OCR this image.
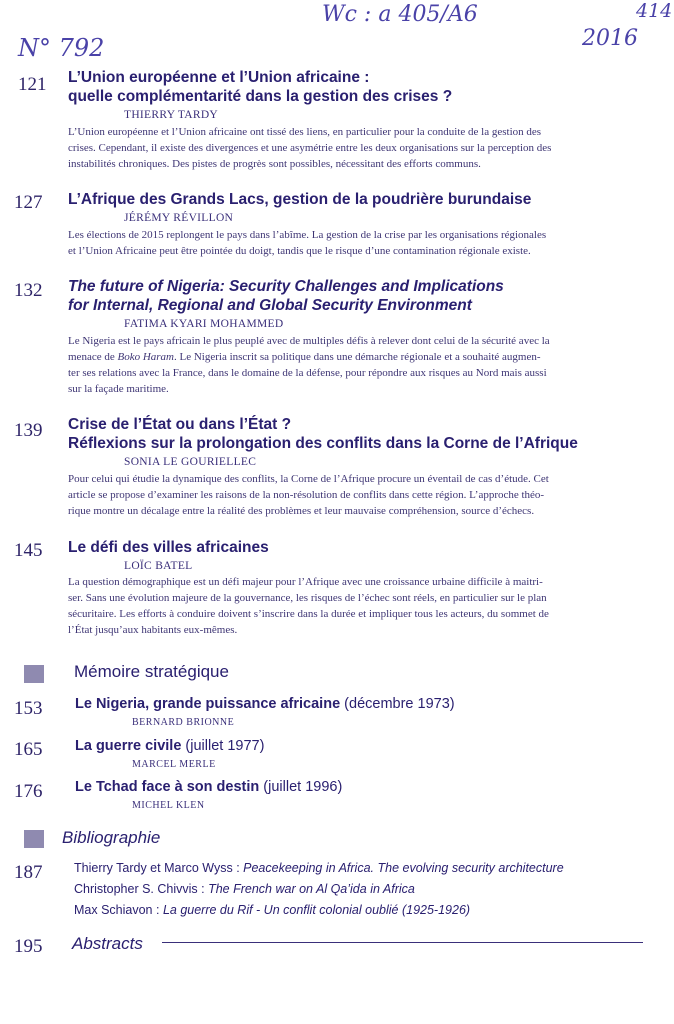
Wc : a 405/A6	414
2016
N° 792
121 L’Union européenne et l’Union africaine :

quelle complémentarité dans la gestion des crises ?

THIERRY TARDY

L’Union européenne et l’Union africaine ont tissé des liens, en particulier pour la conduite de la gestion des

crises. Cependant, il existe des divergences et une asymétrie entre les deux organisations sur la perception des

instabilités chroniques. Des pistes de progrès sont possibles, nécessitant des efforts communs.

127 L’Afrique des Grands Lacs, gestion de la poudrière burundaise

JÉRÉMY RÉVILLON

Les élections de 2015 replongent le pays dans l’abîme. La gestion de la crise par les organisations régionales

et l’Union Africaine peut être pointée du doigt, tandis que le risque d’une contamination régionale existe.

132 The future of Nigeria: Security Challenges and Implications

for Internal, Regional and Global Security Environment

FATIMA KYARI MOHAMMED

Le Nigeria est le pays africain le plus peuplé avec de multiples défis à relever dont celui de la sécurité avec la

menace de Boko Haram. Le Nigeria inscrit sa politique dans une démarche régionale et a souhaité augmen-

ter ses relations avec la France, dans le domaine de la défense, pour répondre aux risques au Nord mais aussi

sur la façade maritime.

139 Crise de l’État ou dans l’État ?

Réflexions sur la prolongation des conflits dans la Corne de l’Afrique

SONIA LE GOURIELLEC

Pour celui qui étudie la dynamique des conflits, la Corne de l’Afrique procure un éventail de cas d’étude. Cet

article se propose d’examiner les raisons de la non-résolution de conflits dans cette région. L’approche théo-

rique montre un décalage entre la réalité des problèmes et leur mauvaise compréhension, source d’échecs.

145 Le défi des villes africaines

LOÏC BATEL

La question démographique est un défi majeur pour l’Afrique avec une croissance urbaine difficile à maitri-

ser. Sans une évolution majeure de la gouvernance, les risques de l’échec sont réels, en particulier sur le plan

sécuritaire. Les efforts à conduire doivent s’inscrire dans la durée et impliquer tous les acteurs, du sommet de

l’État jusqu’aux habitants eux-mêmes.

Mémoire stratégique
153 Le Nigeria, grande puissance africaine (décembre 1973)
BERNARD BRIONNE
165 La guerre civile (juillet 1977)
MARCEL MERLE
176 Le Tchad face à son destin (juillet 1996)
MICHEL KLEN
Bibliographie
187	Thierry Tardy et Marco Wyss : Peacekeeping in Africa. The evolving security architecture
Christopher S. Chivvis : The French war on Al Qa’ida in Africa
Max Schiavon : La guerre du Rif - Un conflit colonial oublié (1925-1926)
195 Abstracts
